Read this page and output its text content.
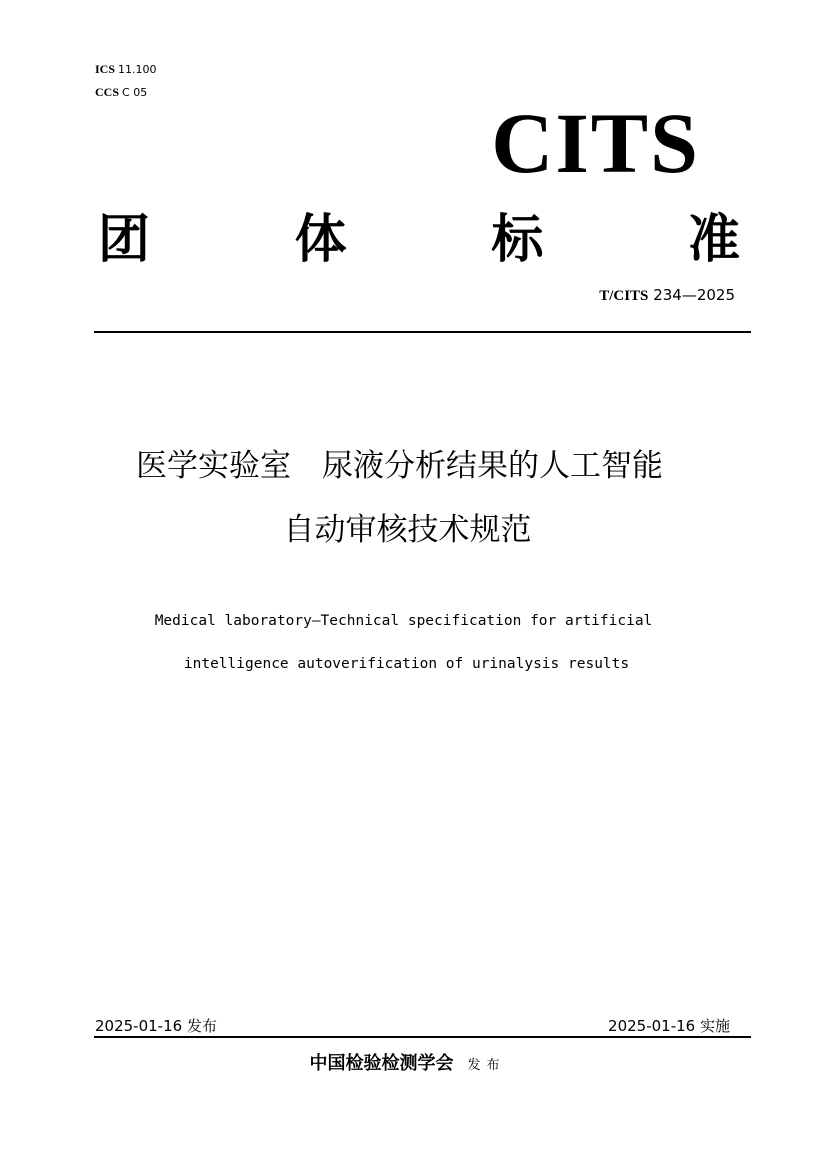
ICS 11.100
CCS C 05
CITS
团	体	标	准
T/CITS 234—2025
医学实验室　尿液分析结果的人工智能
自动审核技术规范
Medical laboratory—Technical specification for artificial
intelligence autoverification of urinalysis results
2025-01-16 发布	2025-01-16 实施
中国检验检测学会 发布
